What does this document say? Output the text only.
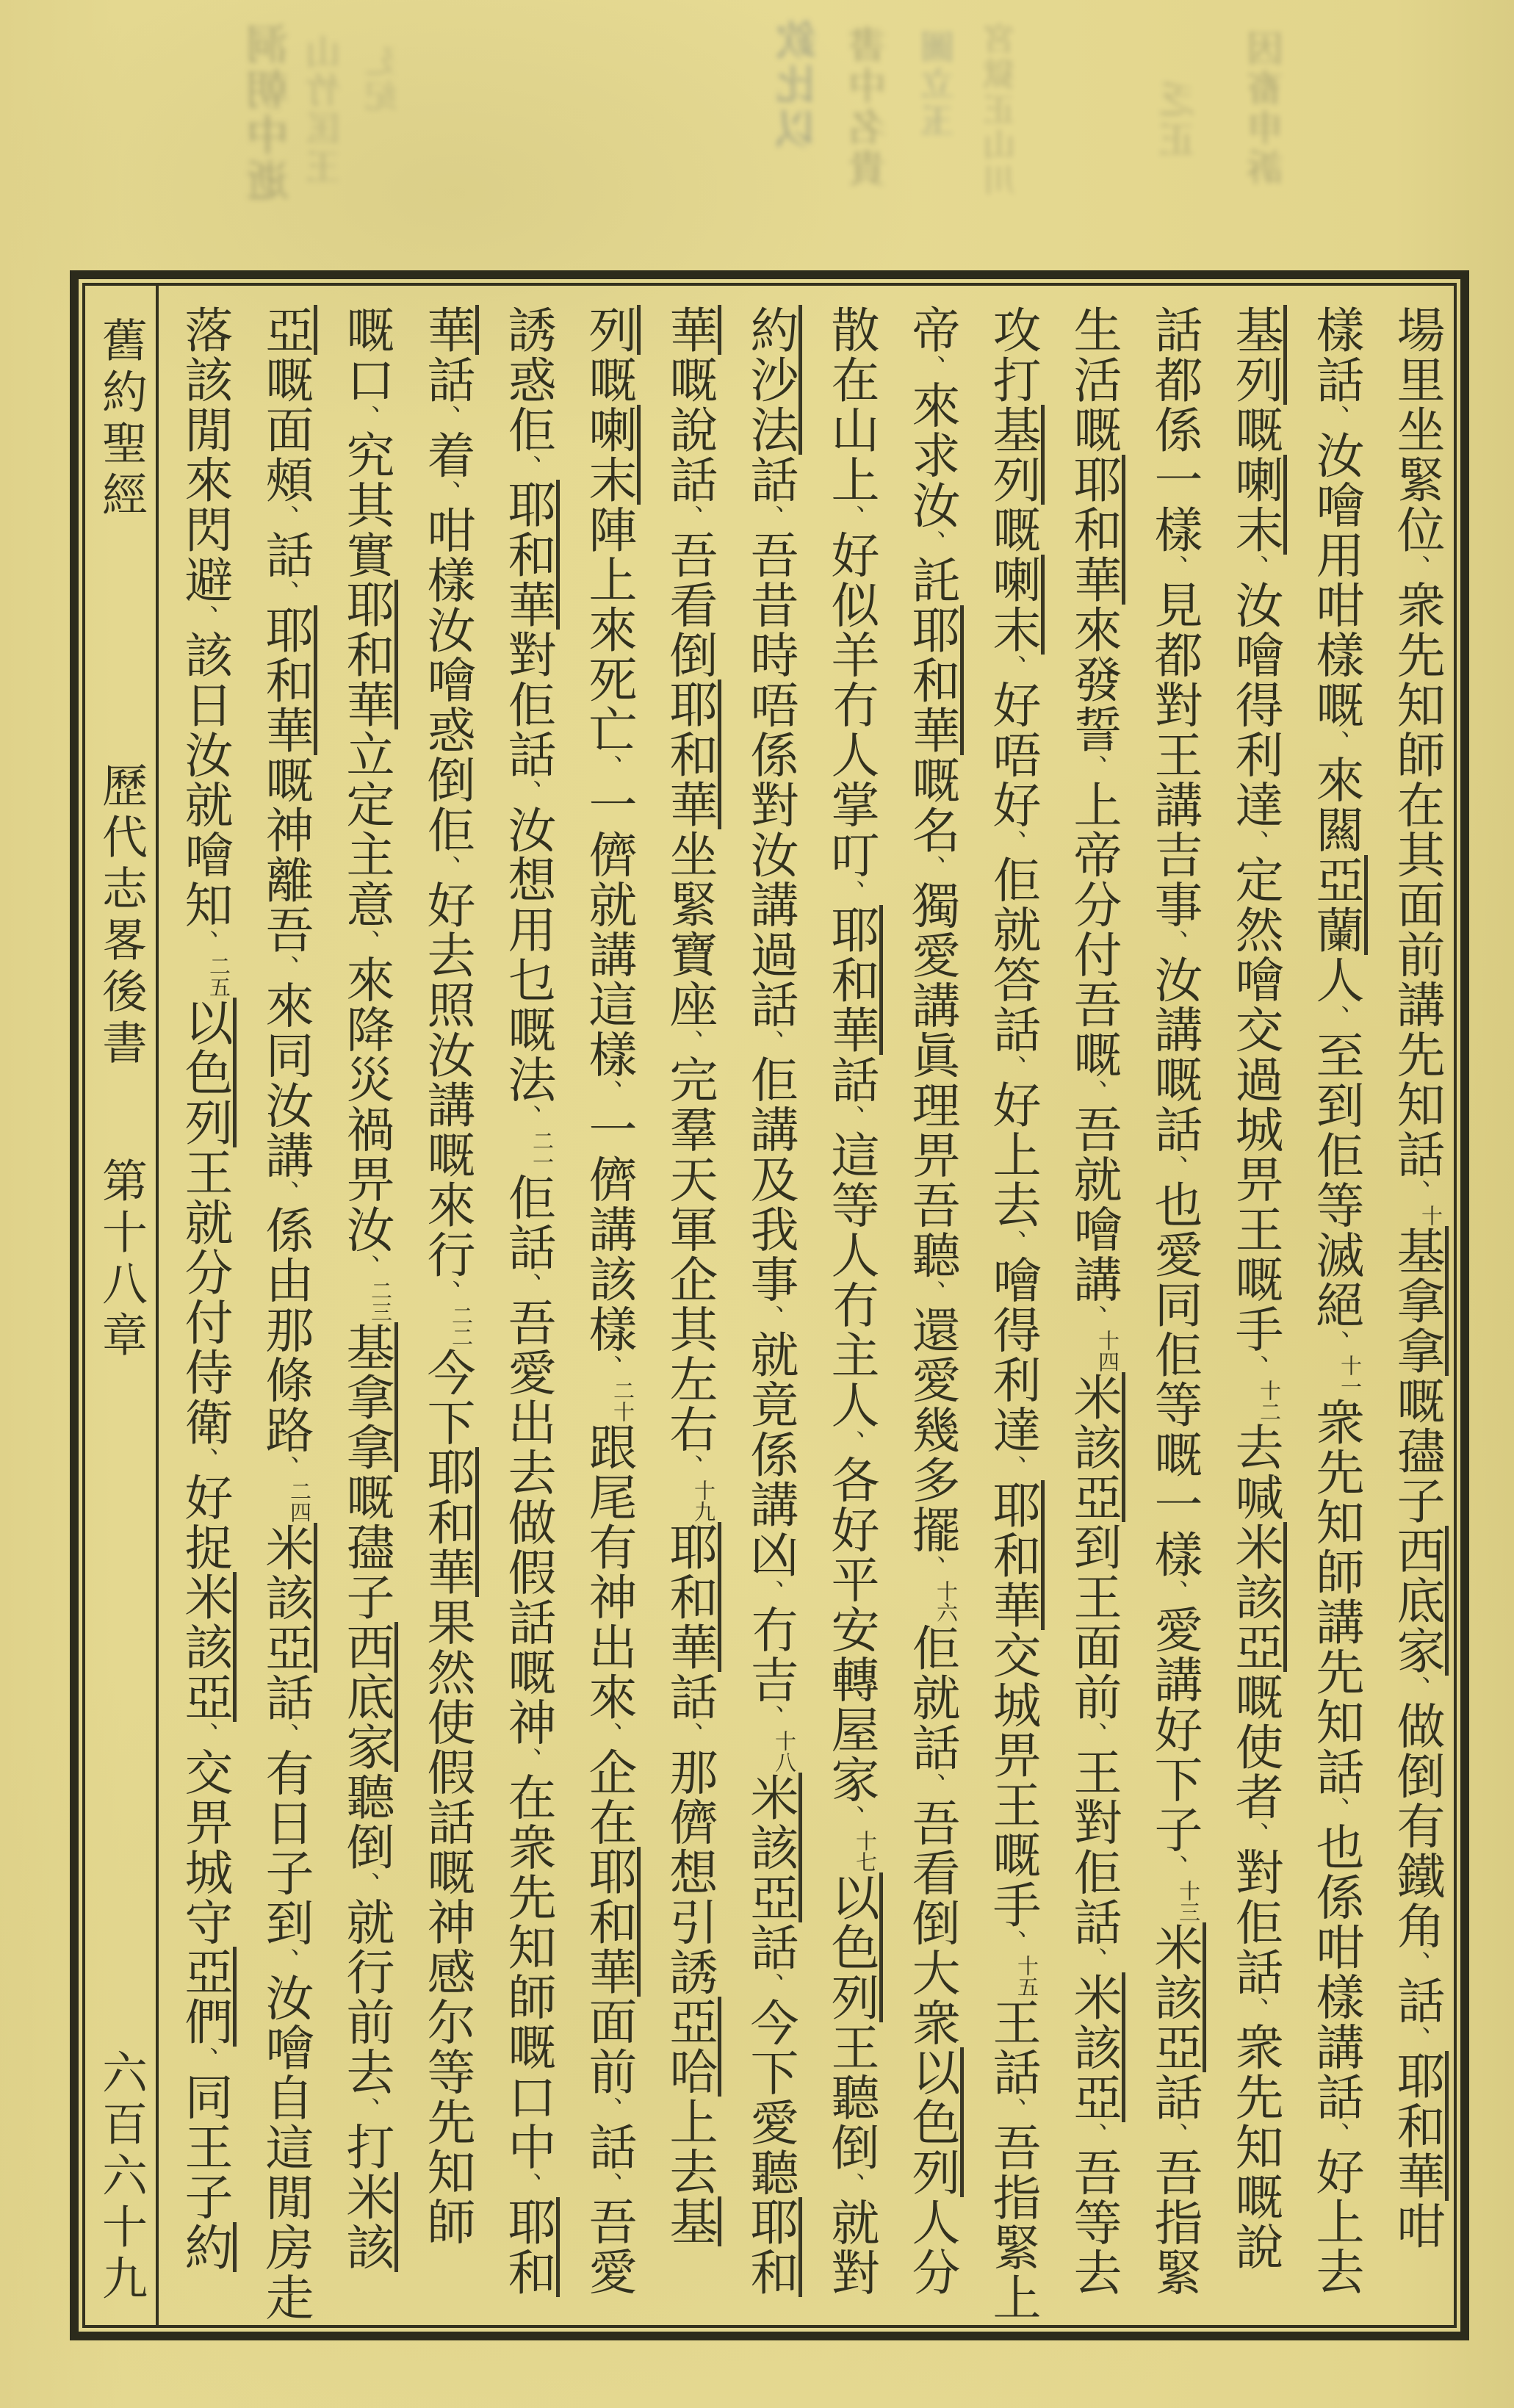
洞朝中逝 山竹匡王 廴紀	欽比以 書中名貴 圖立玉 宮獄正山川	乏正 因畜申訴
舊約聖經
歷代志畧後書
第十八章
六百六十九
場里坐緊位、衆先知師在其面前講先知話、十基拿拿嘅孻子西底家、做倒有鐵角、話、耶和華咁
樣話、汝噲用咁樣嘅、來闗亞蘭人、至到佢等滅絕、十一衆先知師講先知話、也係咁樣講話、好上去
基列嘅喇末、汝噲得利達、定然噲交過城畀王嘅手、十二去喊米該亞嘅使者、對佢話、衆先知嘅說
話都係一樣、見都對王講吉事、汝講嘅話、也愛同佢等嘅一樣、愛講好下子、十三米該亞話、吾指緊
生活嘅耶和華來發誓、上帝分付吾嘅、吾就噲講、十四米該亞到王面前、王對佢話、米該亞、吾等去
攻打基列嘅喇末、好唔好、佢就答話、好上去、噲得利達、耶和華交城畀王嘅手、十五王話、吾指緊上
帝、來求汝、託耶和華嘅名、獨愛講眞理畀吾聽、還愛幾多擺、十六佢就話、吾看倒大衆以色列人分
散在山上、好似羊冇人掌叮、耶和華話、這等人冇主人、各好平安轉屋家、十七以色列王聽倒、就對
約沙法話、吾昔時唔係對汝講過話、佢講及我事、就竟係講凶、冇吉、十八米該亞話、今下愛聽耶和
華嘅說話、吾看倒耶和華坐緊寶座、完羣天軍企其左右、十九耶和華話、那儕想引誘亞哈上去基
列嘅喇末陣上來死亡、一儕就講這樣、一儕講該樣、二十跟尾有神出來、企在耶和華面前、話、吾愛
誘惑佢、耶和華對佢話、汝想用乜嘅法、二一佢話、吾愛出去做假話嘅神、在衆先知師嘅口中、耶和
華話、着、咁樣汝噲惑倒佢、好去照汝講嘅來行、二二今下耶和華果然使假話嘅神感尔等先知師
嘅口、究其實耶和華立定主意、來降災禍畀汝、二三基拿拿嘅孻子西底家聽倒、就行前去、打米該
亞嘅面頰、話、耶和華嘅神離吾、來同汝講、係由那條路、二四米該亞話、有日子到、汝噲自這閒房走
落該閒來閃避、該日汝就噲知、二五以色列王就分付侍衛、好捉米該亞、交畀城守亞們、同王子約
